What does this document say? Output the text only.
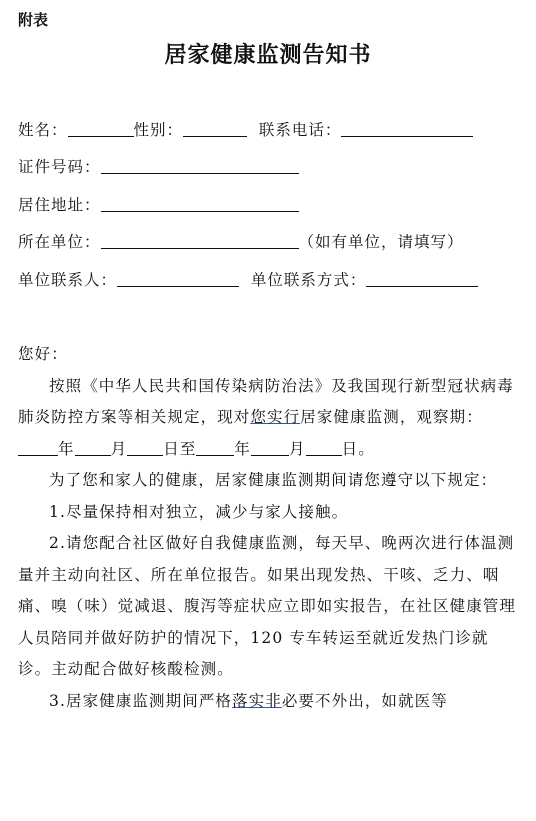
附表
居家健康监测告知书
姓名：	性别：	联系电话：
证件号码：
居住地址：
所在单位：	（如有单位，请填写）
单位联系人：	单位联系方式：

您好：

按照《中华人民共和国传染病防治法》及我国现行新型冠状病毒肺炎防控方案等相关规定，现对您实行居家健康监测，观察期：年 月 日至 年 月 日。

为了您和家人的健康，居家健康监测期间请您遵守以下规定：

1.尽量保持相对独立，减少与家人接触。

2.请您配合社区做好自我健康监测，每天早、晚两次进行体温测量并主动向社区、所在单位报告。如果出现发热、干咳、乏力、咽痛、嗅（味）觉减退、腹泻等症状应立即如实报告，在社区健康管理人员陪同并做好防护的情况下，120 专车转运至就近发热门诊就诊。主动配合做好核酸检测。

3.居家健康监测期间严格落实非必要不外出，如就医等
